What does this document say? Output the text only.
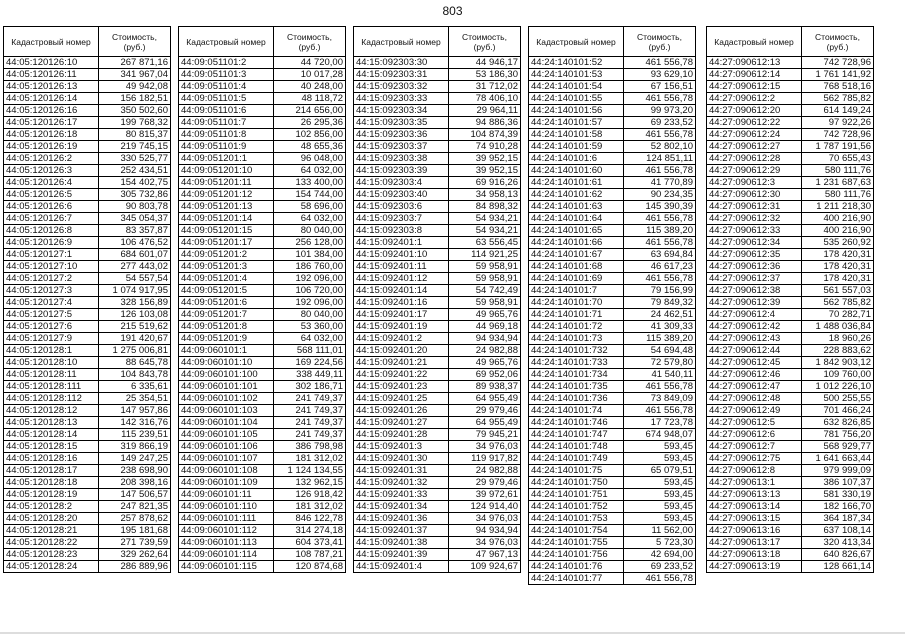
803
Кадастровый номер	Стоимость, (руб.)
44:05:120126:10	267 871,16
44:05:120126:11	341 967,04
44:05:120126:13	49 942,08
44:05:120126:14	156 182,51
44:05:120126:16	350 502,60
44:05:120126:17	199 768,32
44:05:120126:18	80 815,37
44:05:120126:19	219 745,15
44:05:120126:2	330 525,77
44:05:120126:3	252 434,51
44:05:120126:4	154 402,75
44:05:120126:5	305 732,86
44:05:120126:6	90 803,78
44:05:120126:7	345 054,37
44:05:120126:8	83 357,87
44:05:120126:9	106 476,52
44:05:120127:1	684 601,07
44:05:120127:10	277 443,02
44:05:120127:2	54 557,54
44:05:120127:3	1 074 917,95
44:05:120127:4	328 156,89
44:05:120127:5	126 103,08
44:05:120127:6	215 519,62
44:05:120127:9	191 420,67
44:05:120128:1	1 275 006,81
44:05:120128:10	88 645,78
44:05:120128:11	104 843,78
44:05:120128:111	6 335,61
44:05:120128:112	25 354,51
44:05:120128:12	147 957,86
44:05:120128:13	142 316,76
44:05:120128:14	115 239,51
44:05:120128:15	319 866,19
44:05:120128:16	149 247,25
44:05:120128:17	238 698,90
44:05:120128:18	208 398,16
44:05:120128:19	147 506,57
44:05:120128:2	247 821,35
44:05:120128:20	257 878,62
44:05:120128:21	195 181,68
44:05:120128:22	271 739,59
44:05:120128:23	329 262,64
44:05:120128:24	286 889,96
Кадастровый номер	Стоимость, (руб.)
44:09:051101:2	44 720,00
44:09:051101:3	10 017,28
44:09:051101:4	40 248,00
44:09:051101:5	48 118,72
44:09:051101:6	214 656,00
44:09:051101:7	26 295,36
44:09:051101:8	102 856,00
44:09:051101:9	48 655,36
44:09:051201:1	96 048,00
44:09:051201:10	64 032,00
44:09:051201:11	133 400,00
44:09:051201:12	154 744,00
44:09:051201:13	58 696,00
44:09:051201:14	64 032,00
44:09:051201:15	80 040,00
44:09:051201:17	256 128,00
44:09:051201:2	101 384,00
44:09:051201:3	186 760,00
44:09:051201:4	192 096,00
44:09:051201:5	106 720,00
44:09:051201:6	192 096,00
44:09:051201:7	80 040,00
44:09:051201:8	53 360,00
44:09:051201:9	64 032,00
44:09:060101:1	568 111,01
44:09:060101:10	169 224,56
44:09:060101:100	338 449,11
44:09:060101:101	302 186,71
44:09:060101:102	241 749,37
44:09:060101:103	241 749,37
44:09:060101:104	241 749,37
44:09:060101:105	241 749,37
44:09:060101:106	386 798,98
44:09:060101:107	181 312,02
44:09:060101:108	1 124 134,55
44:09:060101:109	132 962,15
44:09:060101:11	126 918,42
44:09:060101:110	181 312,02
44:09:060101:111	846 122,78
44:09:060101:112	314 274,18
44:09:060101:113	604 373,41
44:09:060101:114	108 787,21
44:09:060101:115	120 874,68
Кадастровый номер	Стоимость, (руб.)
44:15:092303:30	44 946,17
44:15:092303:31	53 186,30
44:15:092303:32	31 712,02
44:15:092303:33	78 406,10
44:15:092303:34	29 964,11
44:15:092303:35	94 886,36
44:15:092303:36	104 874,39
44:15:092303:37	74 910,28
44:15:092303:38	39 952,15
44:15:092303:39	39 952,15
44:15:092303:4	69 916,26
44:15:092303:40	34 958,13
44:15:092303:6	84 898,32
44:15:092303:7	54 934,21
44:15:092303:8	54 934,21
44:15:092401:1	63 556,45
44:15:092401:10	114 921,25
44:15:092401:11	59 958,91
44:15:092401:12	59 958,91
44:15:092401:14	54 742,49
44:15:092401:16	59 958,91
44:15:092401:17	49 965,76
44:15:092401:19	44 969,18
44:15:092401:2	94 934,94
44:15:092401:20	24 982,88
44:15:092401:21	49 965,76
44:15:092401:22	69 952,06
44:15:092401:23	89 938,37
44:15:092401:25	64 955,49
44:15:092401:26	29 979,46
44:15:092401:27	64 955,49
44:15:092401:28	79 945,21
44:15:092401:3	34 976,03
44:15:092401:30	119 917,82
44:15:092401:31	24 982,88
44:15:092401:32	29 979,46
44:15:092401:33	39 972,61
44:15:092401:34	124 914,40
44:15:092401:36	34 976,03
44:15:092401:37	94 934,94
44:15:092401:38	34 976,03
44:15:092401:39	47 967,13
44:15:092401:4	109 924,67
Кадастровый номер	Стоимость, (руб.)
44:24:140101:52	461 556,78
44:24:140101:53	93 629,10
44:24:140101:54	67 156,51
44:24:140101:55	461 556,78
44:24:140101:56	99 973,20
44:24:140101:57	69 233,52
44:24:140101:58	461 556,78
44:24:140101:59	52 802,10
44:24:140101:6	124 851,11
44:24:140101:60	461 556,78
44:24:140101:61	41 770,89
44:24:140101:62	90 234,35
44:24:140101:63	145 390,39
44:24:140101:64	461 556,78
44:24:140101:65	115 389,20
44:24:140101:66	461 556,78
44:24:140101:67	63 694,84
44:24:140101:68	46 617,23
44:24:140101:69	461 556,78
44:24:140101:7	79 156,99
44:24:140101:70	79 849,32
44:24:140101:71	24 462,51
44:24:140101:72	41 309,33
44:24:140101:73	115 389,20
44:24:140101:732	54 694,48
44:24:140101:733	72 579,80
44:24:140101:734	41 540,11
44:24:140101:735	461 556,78
44:24:140101:736	73 849,09
44:24:140101:74	461 556,78
44:24:140101:746	17 723,78
44:24:140101:747	674 948,07
44:24:140101:748	593,45
44:24:140101:749	593,45
44:24:140101:75	65 079,51
44:24:140101:750	593,45
44:24:140101:751	593,45
44:24:140101:752	593,45
44:24:140101:753	593,45
44:24:140101:754	11 562,00
44:24:140101:755	5 723,30
44:24:140101:756	42 694,00
44:24:140101:76	69 233,52
44:24:140101:77	461 556,78
Кадастровый номер	Стоимость, (руб.)
44:27:090612:13	742 728,96
44:27:090612:14	1 761 141,92
44:27:090612:15	768 518,16
44:27:090612:2	562 785,82
44:27:090612:20	614 149,24
44:27:090612:22	97 922,26
44:27:090612:24	742 728,96
44:27:090612:27	1 787 191,56
44:27:090612:28	70 655,43
44:27:090612:29	580 111,76
44:27:090612:3	1 231 687,63
44:27:090612:30	580 111,76
44:27:090612:31	1 211 218,30
44:27:090612:32	400 216,90
44:27:090612:33	400 216,90
44:27:090612:34	535 260,92
44:27:090612:35	178 420,31
44:27:090612:36	178 420,31
44:27:090612:37	178 420,31
44:27:090612:38	561 557,03
44:27:090612:39	562 785,82
44:27:090612:4	70 282,71
44:27:090612:42	1 488 036,84
44:27:090612:43	18 960,26
44:27:090612:44	228 883,62
44:27:090612:45	1 842 903,12
44:27:090612:46	109 760,00
44:27:090612:47	1 012 226,10
44:27:090612:48	500 255,55
44:27:090612:49	701 466,24
44:27:090612:5	632 826,85
44:27:090612:6	781 756,20
44:27:090612:7	568 929,77
44:27:090612:75	1 641 663,44
44:27:090612:8	979 999,09
44:27:090613:1	386 107,37
44:27:090613:13	581 330,19
44:27:090613:14	182 166,70
44:27:090613:15	364 187,34
44:27:090613:16	637 108,14
44:27:090613:17	320 413,34
44:27:090613:18	640 826,67
44:27:090613:19	128 661,14
